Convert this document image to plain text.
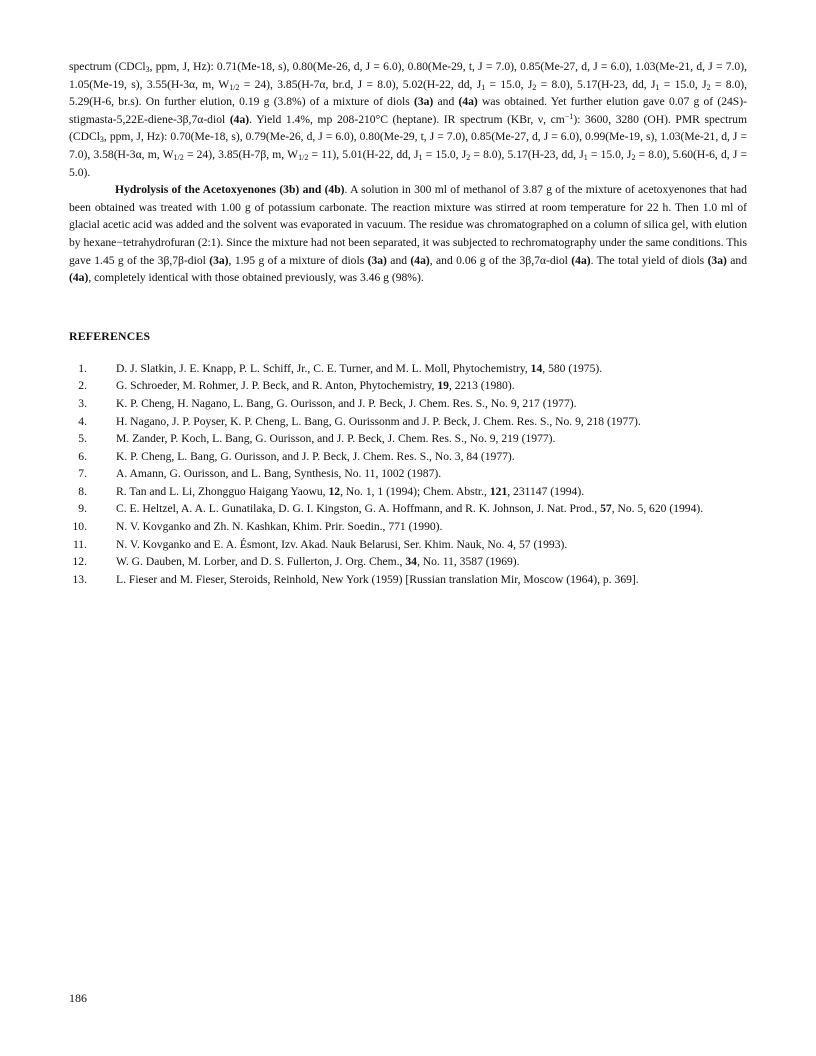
spectrum (CDCl$_3$, ppm, J, Hz): 0.71(Me-18, s), 0.80(Me-26, d, J = 6.0), 0.80(Me-29, t, J = 7.0), 0.85(Me-27, d, J = 6.0), 1.03(Me-21, d, J = 7.0), 1.05(Me-19, s), 3.55(H-3α, m, $W_{1/2} = 24$), 3.85(H-7α, br.d, J = 8.0), 5.02(H-22, dd, $J_1 = 15.0$, $J_2 = 8.0$), 5.17(H-23, dd, $J_1 = 15.0$, $J_2 = 8.0$), 5.29(H-6, br.s). On further elution, 0.19 g (3.8%) of a mixture of diols (3a) and (4a) was obtained. Yet further elution gave 0.07 g of (24S)-stigmasta-5,22E-diene-3β,7α-diol (4a). Yield 1.4%, mp 208-210°C (heptane). IR spectrum (KBr, ν, $cm^{-1}$): 3600, 3280 (OH). PMR spectrum (CDCl$_3$, ppm, J, Hz): 0.70(Me-18, s), 0.79(Me-26, d, J = 6.0), 0.80(Me-29, t, J = 7.0), 0.85(Me-27, d, J = 6.0), 0.99(Me-19, s), 1.03(Me-21, d, J = 7.0), 3.58(H-3α, m, $W_{1/2} = 24$), 3.85(H-7β, m, $W_{1/2} = 11$), 5.01(H-22, dd, $J_1 = 15.0$, $J_2 = 8.0$), 5.17(H-23, dd, $J_1 = 15.0$, $J_2 = 8.0$), 5.60(H-6, d, J = 5.0).

Hydrolysis of the Acetoxyenones (3b) and (4b). A solution in 300 ml of methanol of 3.87 g of the mixture of acetoxyenones that had been obtained was treated with 1.00 g of potassium carbonate. The reaction mixture was stirred at room temperature for 22 h. Then 1.0 ml of glacial acetic acid was added and the solvent was evaporated in vacuum. The residue was chromatographed on a column of silica gel, with elution by hexane−tetrahydrofuran (2:1). Since the mixture had not been separated, it was subjected to rechromatography under the same conditions. This gave 1.45 g of the 3β,7β-diol (3a), 1.95 g of a mixture of diols (3a) and (4a), and 0.06 g of the 3β,7α-diol (4a). The total yield of diols (3a) and (4a), completely identical with those obtained previously, was 3.46 g (98%).

REFERENCES
1.	D. J. Slatkin, J. E. Knapp, P. L. Schiff, Jr., C. E. Turner, and M. L. Moll, Phytochemistry, 14, 580 (1975).
2.	G. Schroeder, M. Rohmer, J. P. Beck, and R. Anton, Phytochemistry, 19, 2213 (1980).
3.	K. P. Cheng, H. Nagano, L. Bang, G. Ourisson, and J. P. Beck, J. Chem. Res. S., No. 9, 217 (1977).
4.	H. Nagano, J. P. Poyser, K. P. Cheng, L. Bang, G. Ourissonm and J. P. Beck, J. Chem. Res. S., No. 9, 218 (1977).
5.	M. Zander, P. Koch, L. Bang, G. Ourisson, and J. P. Beck, J. Chem. Res. S., No. 9, 219 (1977).
6.	K. P. Cheng, L. Bang, G. Ourisson, and J. P. Beck, J. Chem. Res. S., No. 3, 84 (1977).
7.	A. Amann, G. Ourisson, and L. Bang, Synthesis, No. 11, 1002 (1987).
8.	R. Tan and L. Li, Zhongguo Haigang Yaowu, 12, No. 1, 1 (1994); Chem. Abstr., 121, 231147 (1994).
9.	C. E. Heltzel, A. A. L. Gunatilaka, D. G. I. Kingston, G. A. Hoffmann, and R. K. Johnson, J. Nat. Prod., 57, No. 5, 620 (1994).
10.	N. V. Kovganko and Zh. N. Kashkan, Khim. Prir. Soedin., 771 (1990).
11.	N. V. Kovganko and E. A. Ésmont, Izv. Akad. Nauk Belarusi, Ser. Khim. Nauk, No. 4, 57 (1993).
12.	W. G. Dauben, M. Lorber, and D. S. Fullerton, J. Org. Chem., 34, No. 11, 3587 (1969).
13.	L. Fieser and M. Fieser, Steroids, Reinhold, New York (1959) [Russian translation Mir, Moscow (1964), p. 369].
186
